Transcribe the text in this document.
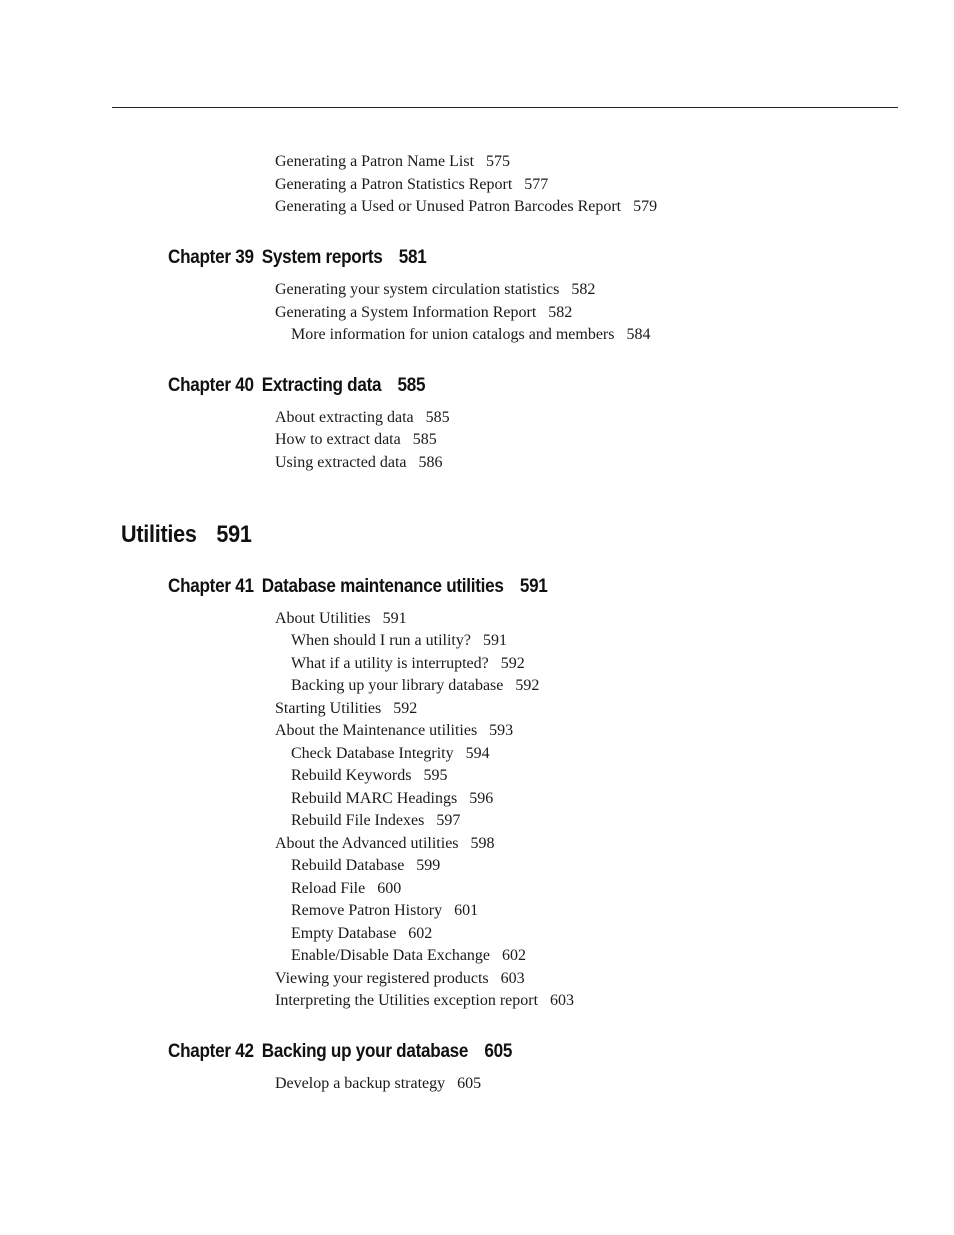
Generating a Patron Name List 575
Generating a Patron Statistics Report 577
Generating a Used or Unused Patron Barcodes Report 579
Chapter 39 System reports 581
Generating your system circulation statistics 582
Generating a System Information Report 582
More information for union catalogs and members 584
Chapter 40 Extracting data 585
About extracting data 585
How to extract data 585
Using extracted data 586
Utilities 591
Chapter 41 Database maintenance utilities 591
About Utilities 591
When should I run a utility? 591
What if a utility is interrupted? 592
Backing up your library database 592
Starting Utilities 592
About the Maintenance utilities 593
Check Database Integrity 594
Rebuild Keywords 595
Rebuild MARC Headings 596
Rebuild File Indexes 597
About the Advanced utilities 598
Rebuild Database 599
Reload File 600
Remove Patron History 601
Empty Database 602
Enable/Disable Data Exchange 602
Viewing your registered products 603
Interpreting the Utilities exception report 603
Chapter 42 Backing up your database 605
Develop a backup strategy 605
